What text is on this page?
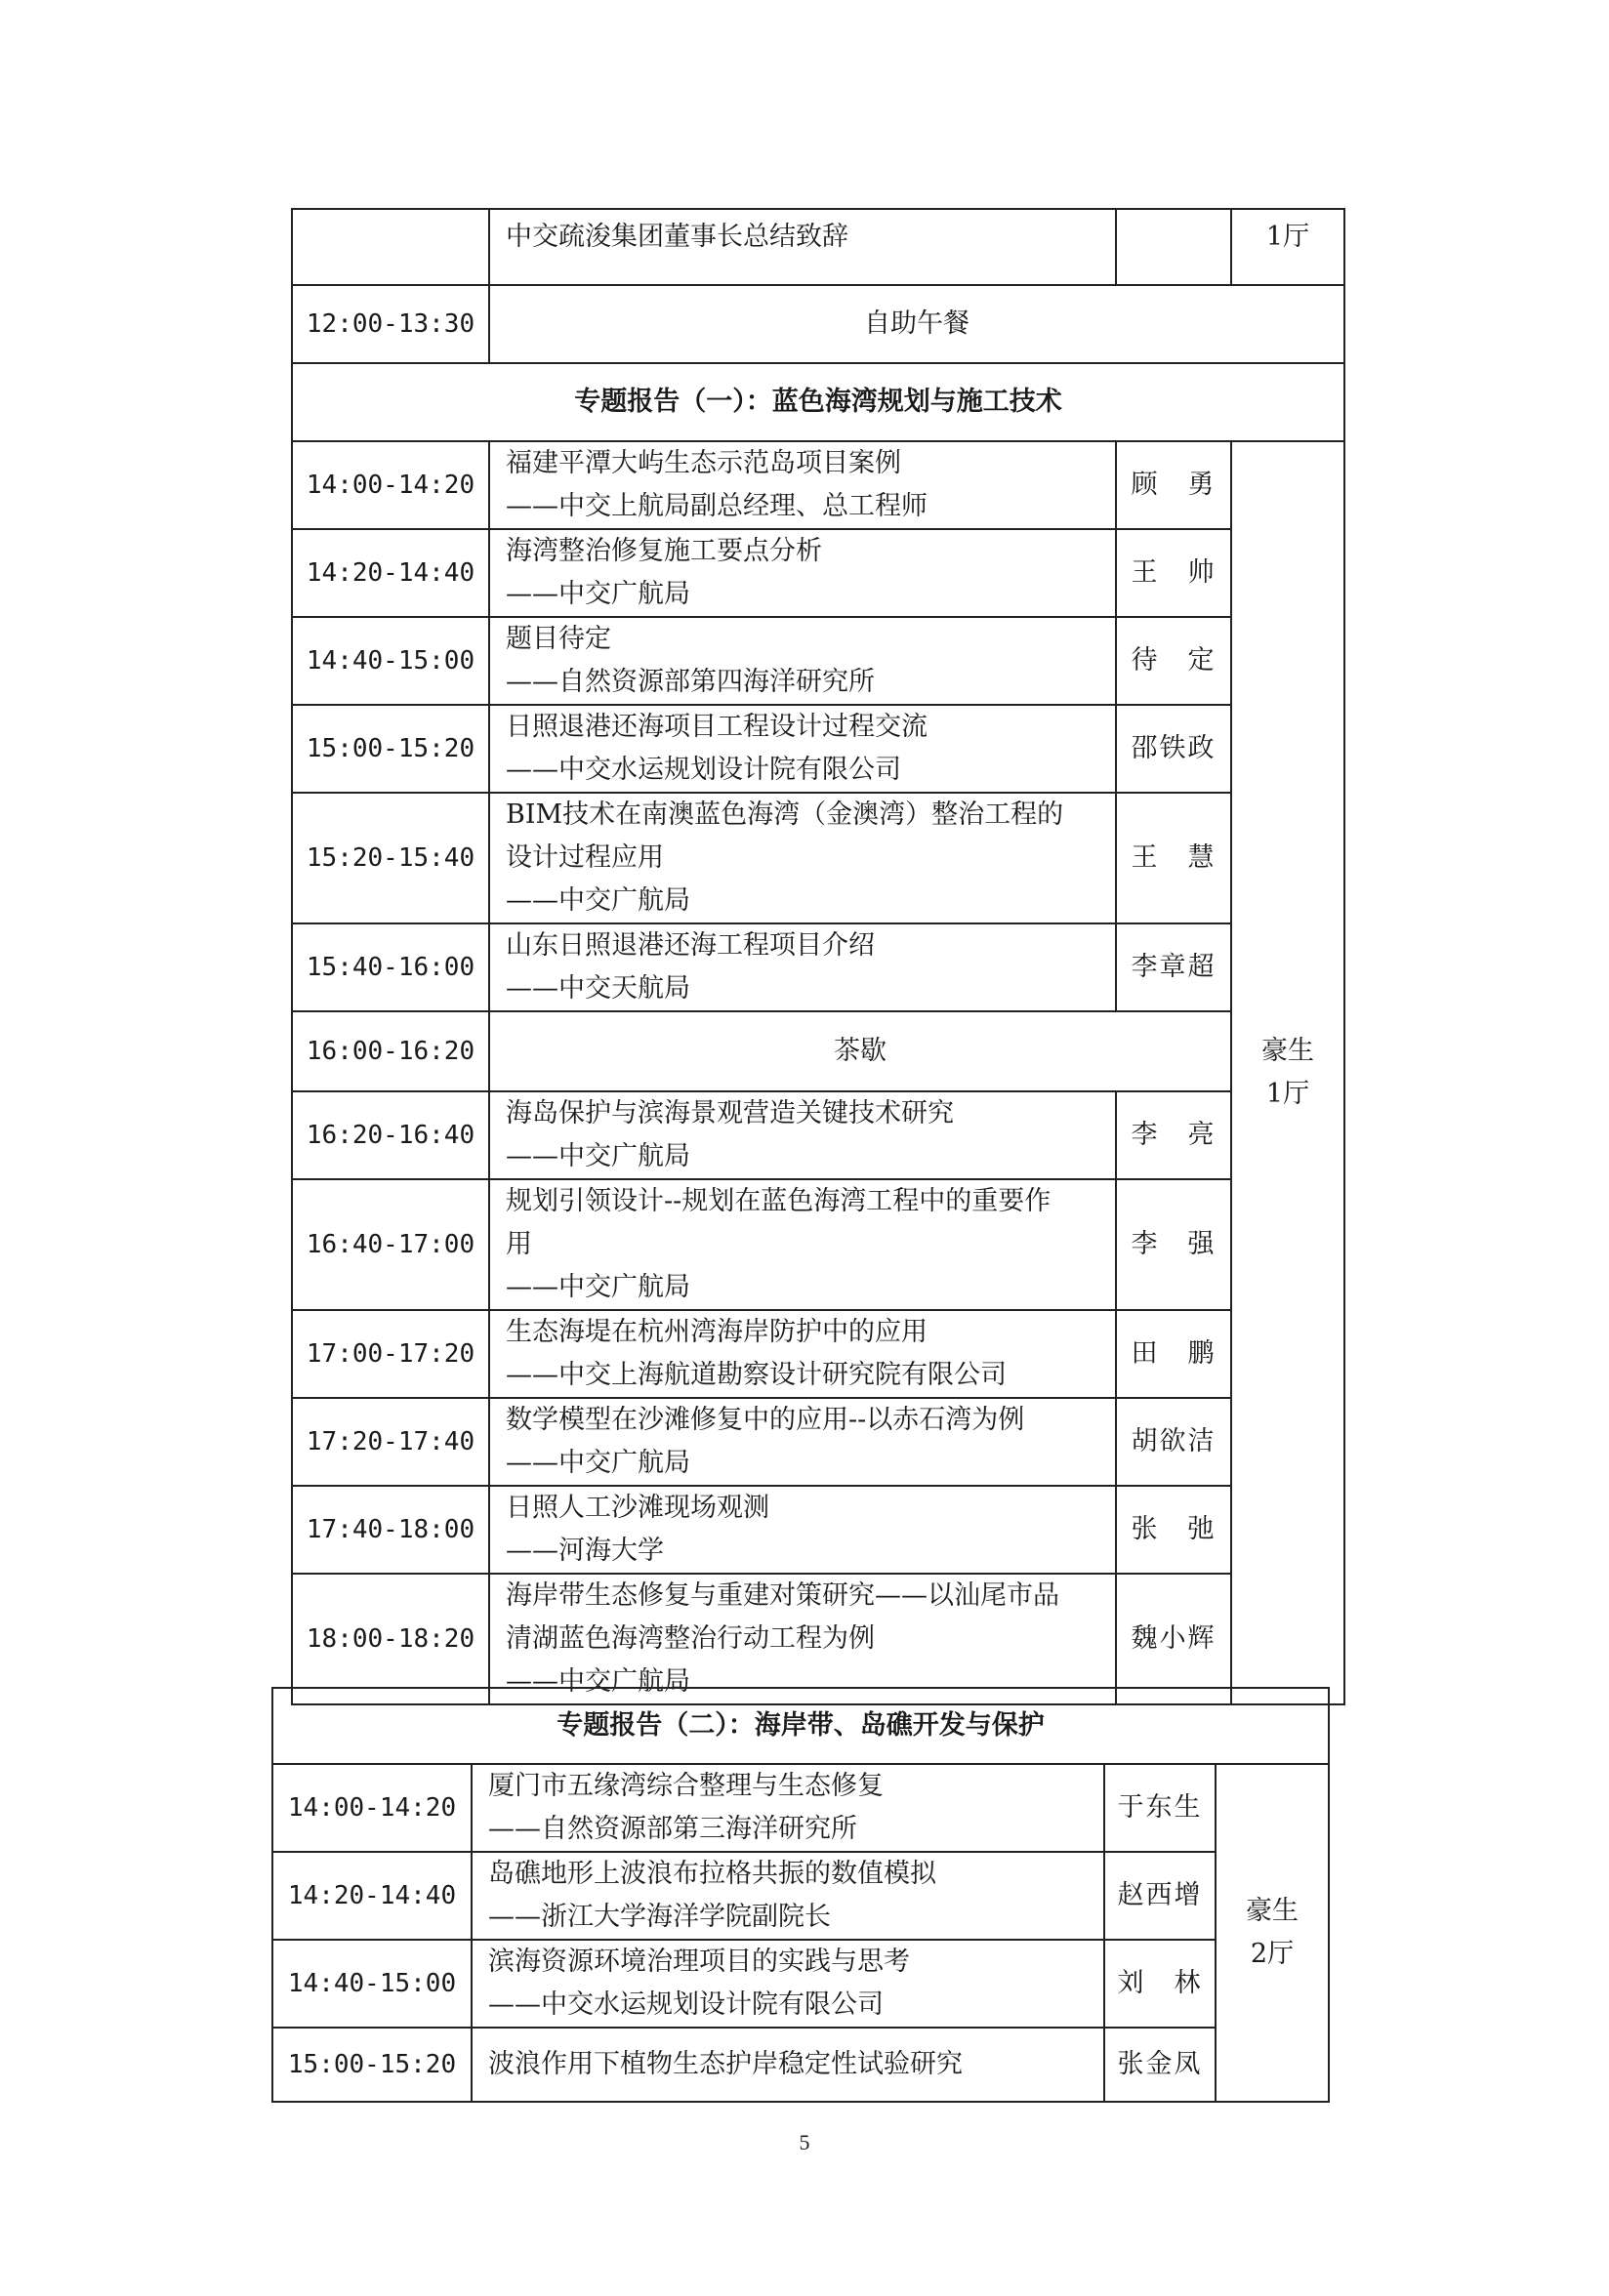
	中交疏浚集团董事长总结致辞		1厅
12:00-13:30	自助午餐		
专题报告（一）：蓝色海湾规划与施工技术			
14:00-14:20	福建平潭大屿生态示范岛项目案例
——中交上航局副总经理、总工程师	顾　勇	豪生
1厅

14:20-14:40	海湾整治修复施工要点分析
——中交广航局	王　帅	
14:40-15:00	题目待定
——自然资源部第四海洋研究所	待　定	
15:00-15:20	日照退港还海项目工程设计过程交流
——中交水运规划设计院有限公司	邵铁政	
15:20-15:40	BIM技术在南澳蓝色海湾（金澳湾）整治工程的
设计过程应用
——中交广航局	王　慧	
15:40-16:00	山东日照退港还海工程项目介绍
——中交天航局	李章超	
16:00-16:20	茶歇		
16:20-16:40	海岛保护与滨海景观营造关键技术研究
——中交广航局	李　亮	
16:40-17:00	规划引领设计--规划在蓝色海湾工程中的重要作
用
——中交广航局	李　强	
17:00-17:20	生态海堤在杭州湾海岸防护中的应用
——中交上海航道勘察设计研究院有限公司	田　鹏	
17:20-17:40	数学模型在沙滩修复中的应用--以赤石湾为例
——中交广航局	胡欲洁	
17:40-18:00	日照人工沙滩现场观测
——河海大学	张　弛	
18:00-18:20	海岸带生态修复与重建对策研究——以汕尾市品
清湖蓝色海湾整治行动工程为例
——中交广航局	魏小辉	
专题报告（二）：海岸带、岛礁开发与保护			
14:00-14:20	厦门市五缘湾综合整理与生态修复
——自然资源部第三海洋研究所	于东生	豪生
2厅

14:20-14:40	岛礁地形上波浪布拉格共振的数值模拟
——浙江大学海洋学院副院长	赵西增	
14:40-15:00	滨海资源环境治理项目的实践与思考
——中交水运规划设计院有限公司	刘　林	
15:00-15:20	波浪作用下植物生态护岸稳定性试验研究	张金凤	
5
